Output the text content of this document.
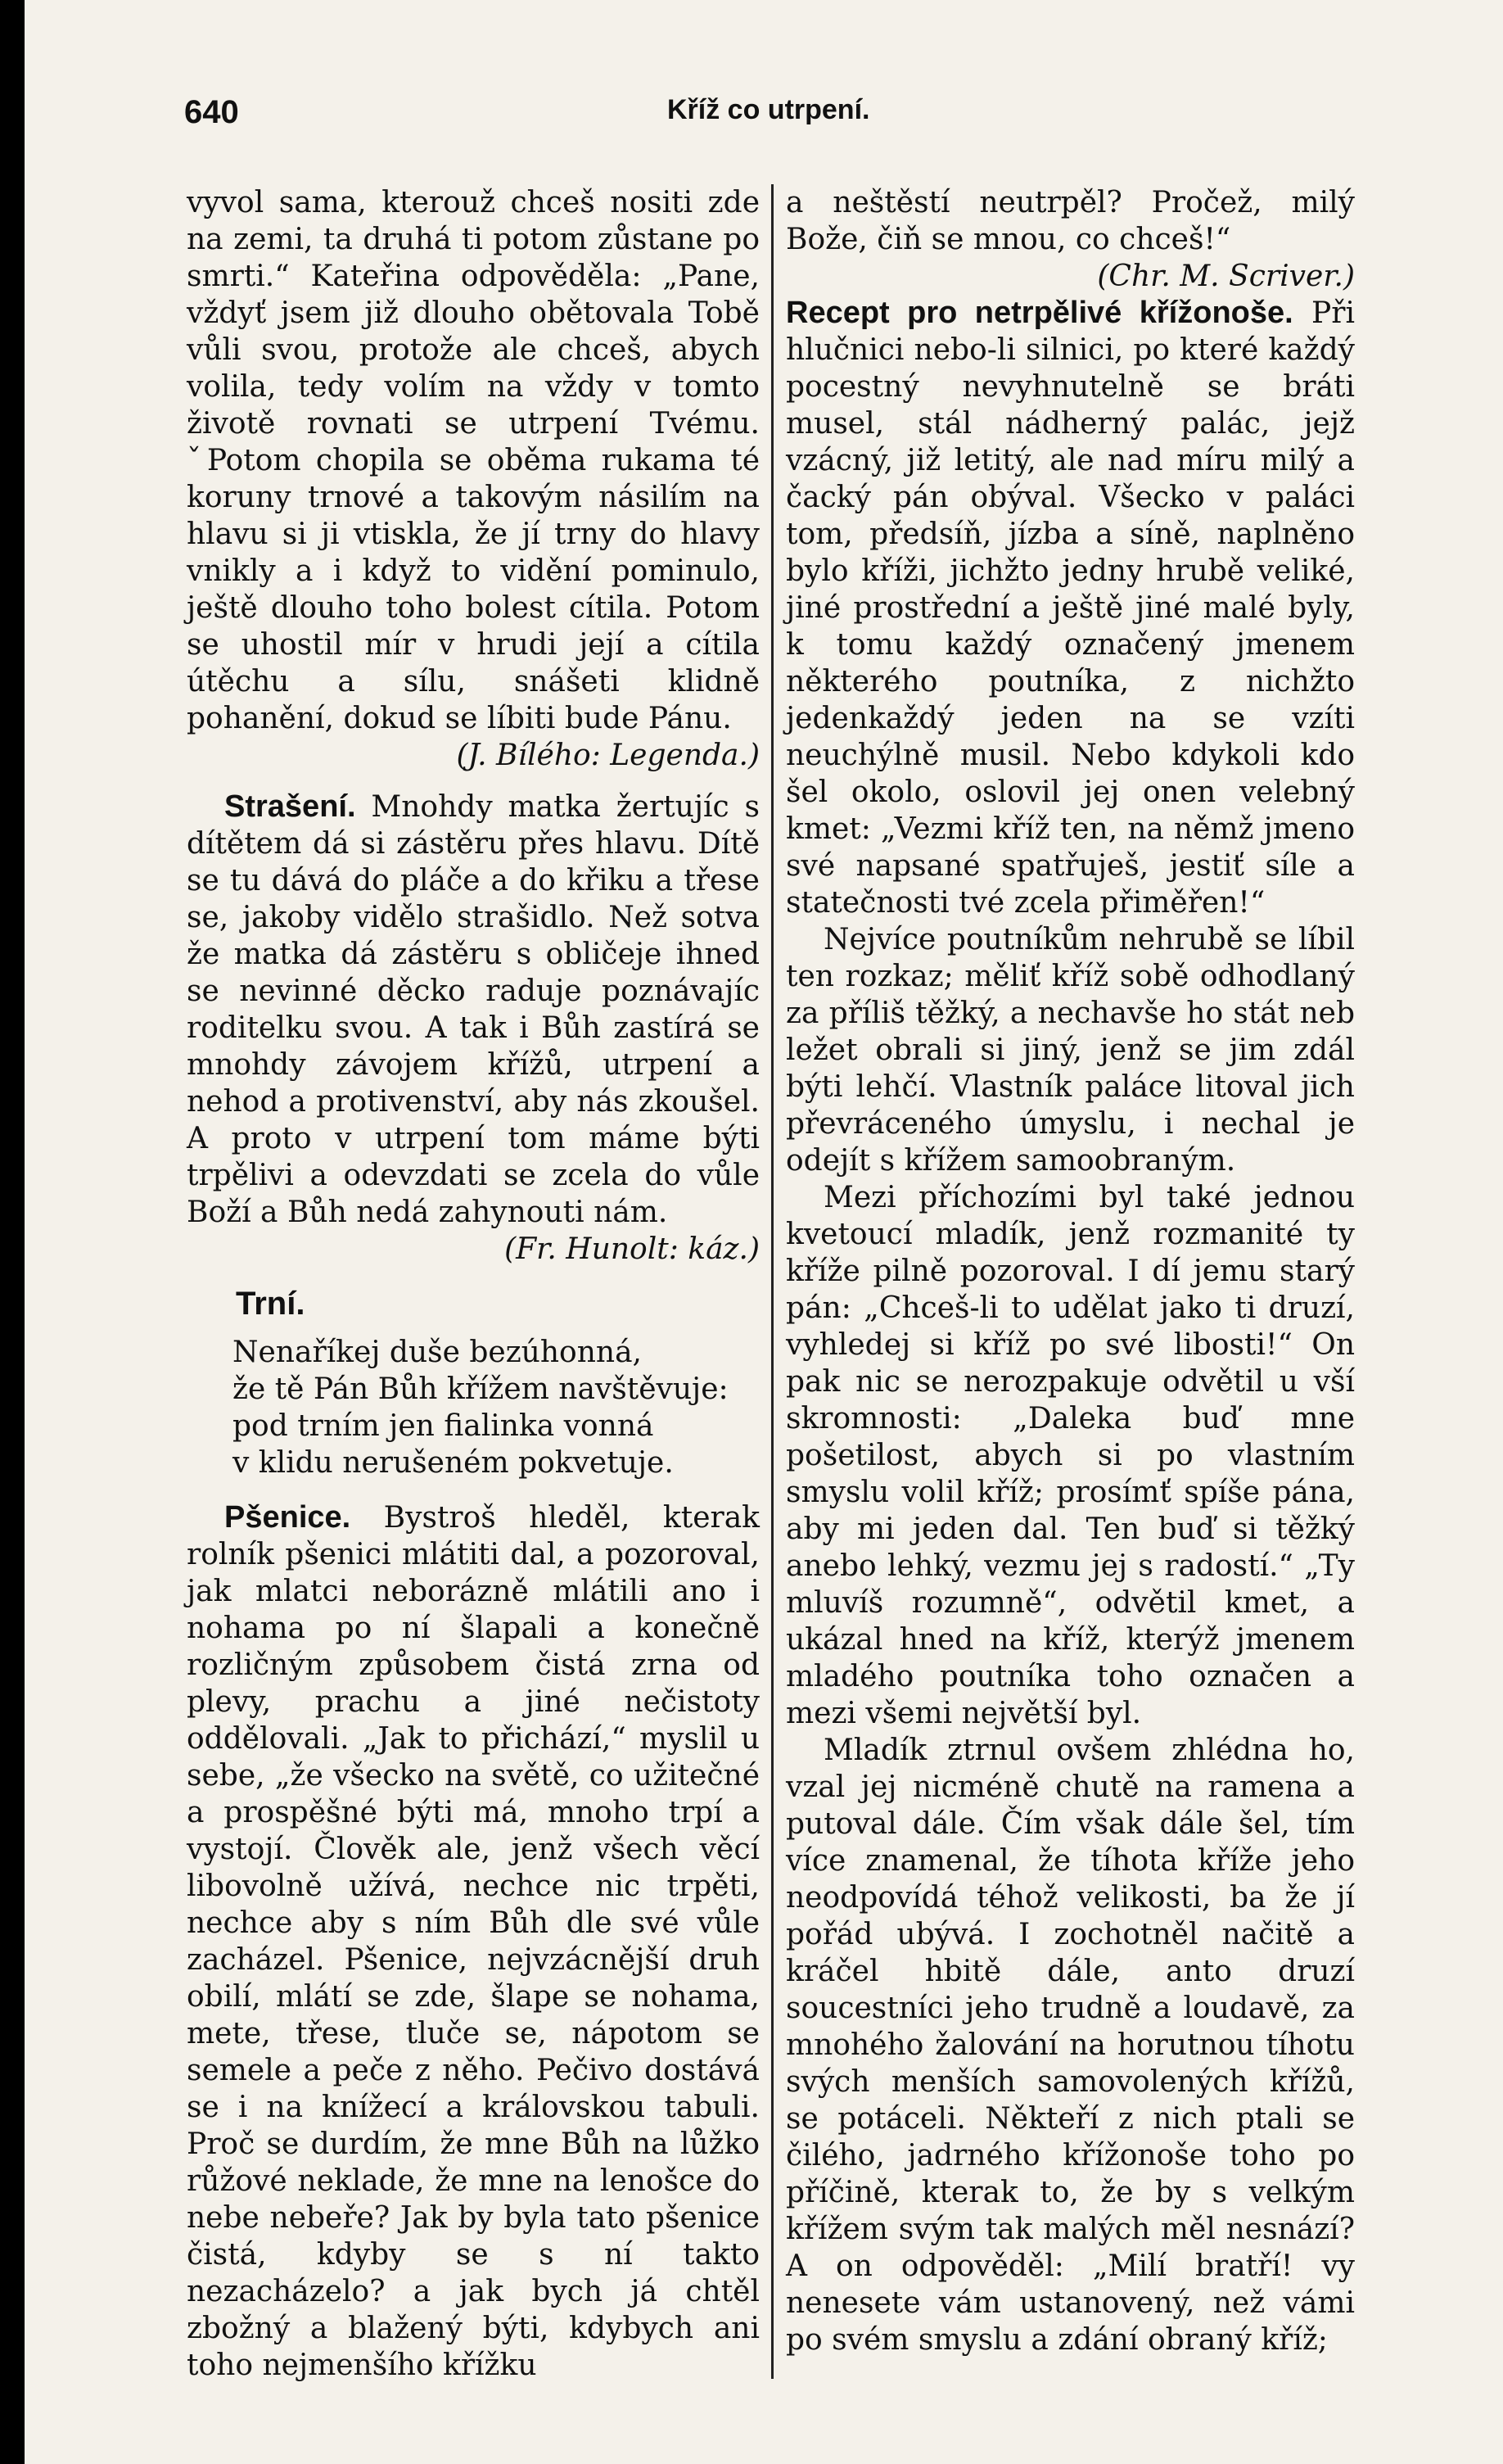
640	Kříž co utrpení.

vyvol sama, kterouž chceš nositi zde na zemi, ta druhá ti potom zůstane po smrti.“ Kateřina odpověděla: „Pane, vždyť jsem již dlouho obětovala Tobě vůli svou, protože ale chceš, abych volila, tedy volím na vždy v tomto životě rovnati se utrpení Tvému. ˇPotom chopila se oběma rukama té koruny trnové a takovým násilím na hlavu si ji vtiskla, že jí trny do hlavy vnikly a i když to vidění pominulo, ještě dlouho toho bolest cítila. Potom se uhostil mír v hrudi její a cítila útěchu a sílu, snášeti klidně pohanění, dokud se líbiti bude Pánu.

(J. Bílého: Legenda.)

Strašení. Mnohdy matka žertujíc s dítětem dá si zástěru přes hlavu. Dítě se tu dává do pláče a do křiku a třese se, jakoby vidělo strašidlo. Než sotva že matka dá zástěru s obličeje ihned se nevinné děcko raduje poznávajíc roditelku svou. A tak i Bůh zastírá se mnohdy závojem křížů, utrpení a nehod a protivenství, aby nás zkoušel. A proto v utrpení tom máme býti trpělivi a odevzdati se zcela do vůle Boží a Bůh nedá zahynouti nám.

(Fr. Hunolt: káz.)
Trní.
Nenaříkej duše bezúhonná,
že tě Pán Bůh křížem navštěvuje:
pod trním jen fialinka vonná
v klidu nerušeném pokvetuje.

Pšenice. Bystroš hleděl, kterak rolník pšenici mlátiti dal, a pozoroval, jak mlatci neborázně mlátili ano i nohama po ní šlapali a konečně rozličným způsobem čistá zrna od plevy, prachu a jiné nečistoty oddělovali. „Jak to přichází,“ myslil u sebe, „že všecko na světě, co užitečné a prospěšné býti má, mnoho trpí a vystojí. Člověk ale, jenž všech věcí libovolně užívá, nechce nic trpěti, nechce aby s ním Bůh dle své vůle zacházel. Pšenice, nejvzácnější druh obilí, mlátí se zde, šlape se nohama, mete, třese, tluče se, nápotom se semele a peče z něho. Pečivo dostává se i na knížecí a královskou tabuli. Proč se durdím, že mne Bůh na lůžko růžové neklade, že mne na lenošce do nebe nebeře? Jak by byla tato pšenice čistá, kdyby se s ní takto nezacházelo? a jak bych já chtěl zbožný a blažený býti, kdybych ani toho nejmenšího křížku

a neštěstí neutrpěl? Pročež, milý Bože, čiň se mnou, co chceš!“

(Chr. M. Scriver.)

Recept pro netrpělivé křížonoše. Při hlučnici nebo-li silnici, po které každý pocestný nevyhnutelně se bráti musel, stál nádherný palác, jejž vzácný, již letitý, ale nad míru milý a čacký pán obýval. Všecko v paláci tom, předsíň, jízba a síně, naplněno bylo kříži, jichžto jedny hrubě veliké, jiné prostřední a ještě jiné malé byly, k tomu každý označený jmenem některého poutníka, z nichžto jedenkaždý jeden na se vzíti neuchýlně musil. Nebo kdykoli kdo šel okolo, oslovil jej onen velebný kmet: „Vezmi kříž ten, na němž jmeno své napsané spatřuješ, jestiť síle a statečnosti tvé zcela přiměřen!“

Nejvíce poutníkům nehrubě se líbil ten rozkaz; měliť kříž sobě odhodlaný za příliš těžký, a nechavše ho stát neb ležet obrali si jiný, jenž se jim zdál býti lehčí. Vlastník paláce litoval jich převráceného úmyslu, i nechal je odejít s křížem samoobraným.

Mezi příchozími byl také jednou kvetoucí mladík, jenž rozmanité ty kříže pilně pozoroval. I dí jemu starý pán: „Chceš-li to udělat jako ti druzí, vyhledej si kříž po své libosti!“ On pak nic se nerozpakuje odvětil u vší skromnosti: „Daleka buď mne pošetilost, abych si po vlastním smyslu volil kříž; prosímť spíše pána, aby mi jeden dal. Ten buď si těžký anebo lehký, vezmu jej s radostí.“ „Ty mluvíš rozumně“, odvětil kmet, a ukázal hned na kříž, kterýž jmenem mladého poutníka toho označen a mezi všemi největší byl.

Mladík ztrnul ovšem zhlédna ho, vzal jej nicméně chutě na ramena a putoval dále. Čím však dále šel, tím více znamenal, že tíhota kříže jeho neodpovídá téhož velikosti, ba že jí pořád ubývá. I zochotněl načitě a kráčel hbitě dále, anto druzí soucestníci jeho trudně a loudavě, za mnohého žalování na horutnou tíhotu svých menších samovolených křížů, se potáceli. Někteří z nich ptali se čilého, jadrného křížonoše toho po příčině, kterak to, že by s velkým křížem svým tak malých měl nesnází? A on odpověděl: „Milí bratří! vy nenesete vám ustanovený, než vámi po svém smyslu a zdání obraný kříž;
